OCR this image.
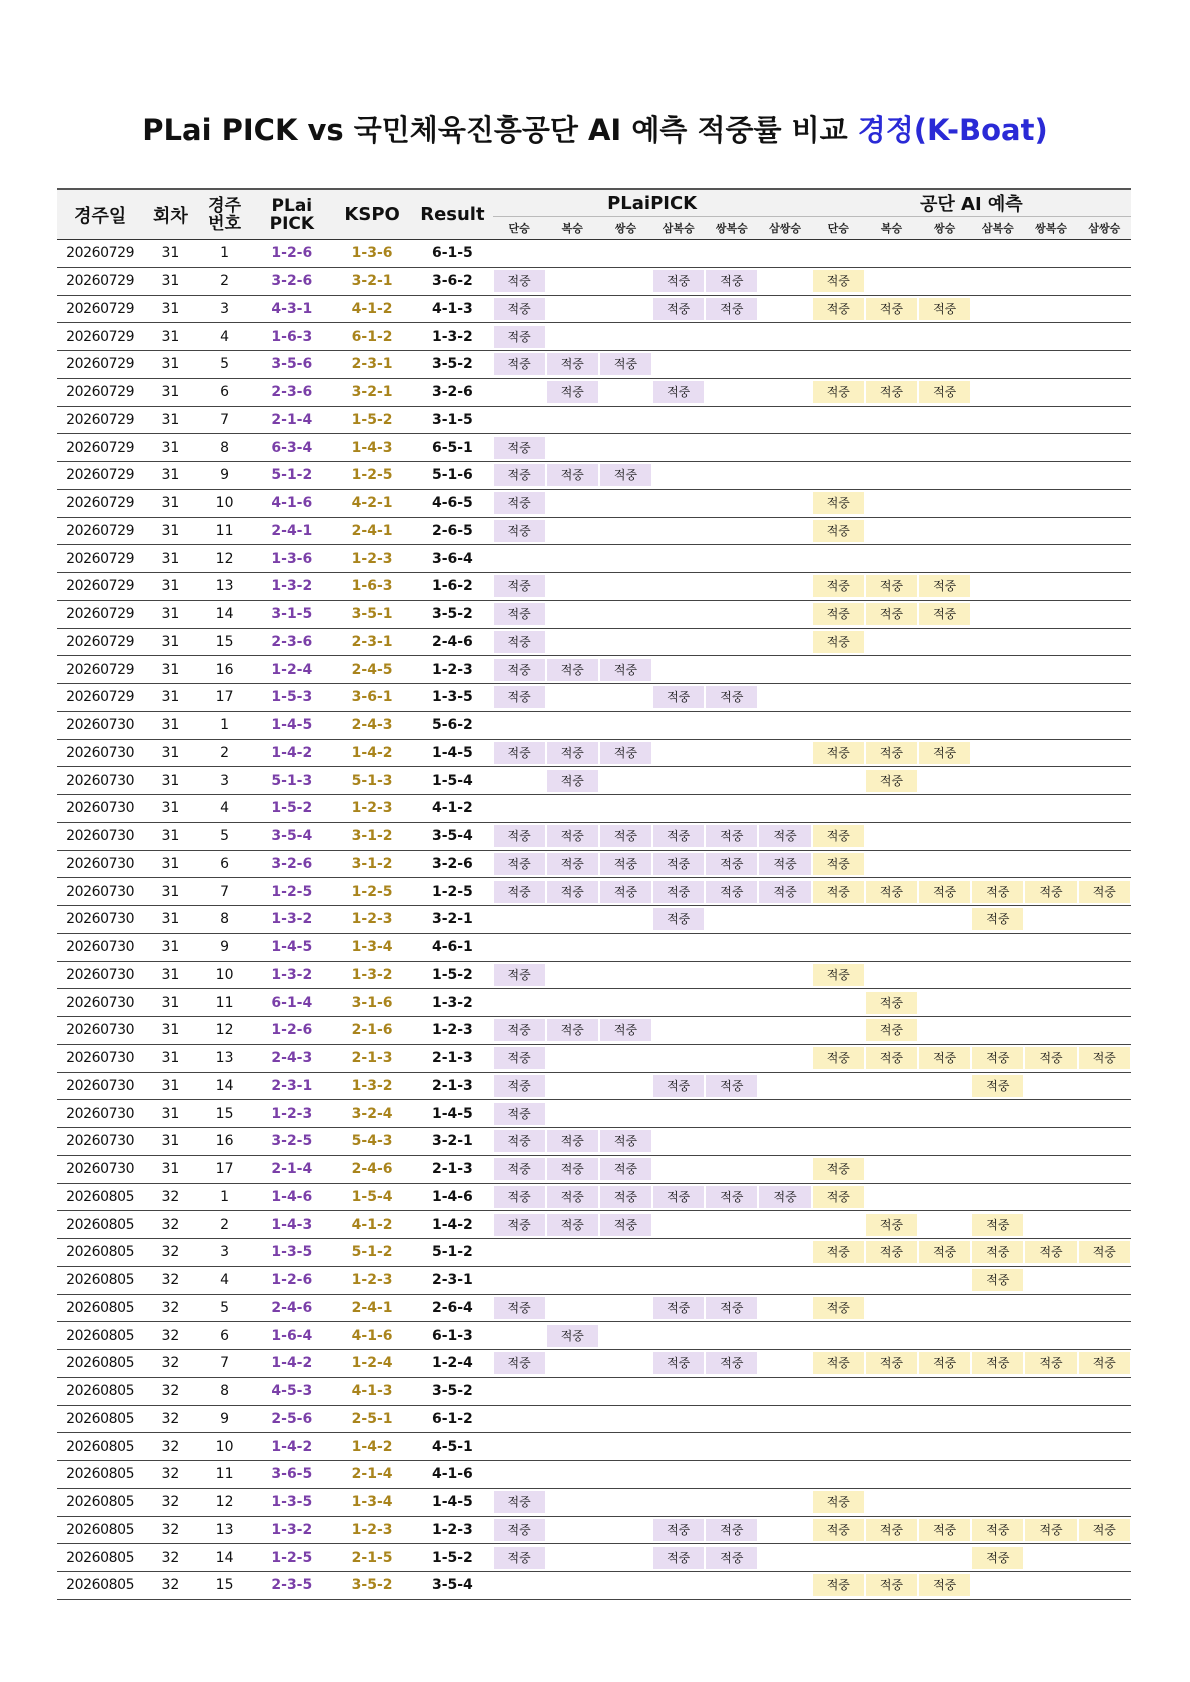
PLai PICK vs 국민체육진흥공단 AI 예측 적중률 비교 경정(K-Boat)
경주일	회차	경주
번호	PLai
PICK	KSPO	Result	PLaiPICK						공단 AI 예측					
						단승	복승	쌍승	삼복승	쌍복승	삼쌍승	단승	복승	쌍승	삼복승	쌍복승	삼쌍승
20260729	31	1	1-2-6	1-3-6	6-1-5	

20260729	31	2	3-2-6	3-2-1	3-6-2	적중			적중	적중		적중					

20260729	31	3	4-3-1	4-1-2	4-1-3	적중			적중	적중		적중	적중	적중			

20260729	31	4	1-6-3	6-1-2	1-3-2	적중											

20260729	31	5	3-5-6	2-3-1	3-5-2	적중	적중	적중									

20260729	31	6	2-3-6	3-2-1	3-2-6		적중		적중			적중	적중	적중			

20260729	31	7	2-1-4	1-5-2	3-1-5	

20260729	31	8	6-3-4	1-4-3	6-5-1	적중											

20260729	31	9	5-1-2	1-2-5	5-1-6	적중	적중	적중									

20260729	31	10	4-1-6	4-2-1	4-6-5	적중						적중					

20260729	31	11	2-4-1	2-4-1	2-6-5	적중						적중					

20260729	31	12	1-3-6	1-2-3	3-6-4	

20260729	31	13	1-3-2	1-6-3	1-6-2	적중						적중	적중	적중			

20260729	31	14	3-1-5	3-5-1	3-5-2	적중						적중	적중	적중			

20260729	31	15	2-3-6	2-3-1	2-4-6	적중						적중					

20260729	31	16	1-2-4	2-4-5	1-2-3	적중	적중	적중									

20260729	31	17	1-5-3	3-6-1	1-3-5	적중			적중	적중							

20260730	31	1	1-4-5	2-4-3	5-6-2	

20260730	31	2	1-4-2	1-4-2	1-4-5	적중	적중	적중				적중	적중	적중			

20260730	31	3	5-1-3	5-1-3	1-5-4		적중						적중				

20260730	31	4	1-5-2	1-2-3	4-1-2	

20260730	31	5	3-5-4	3-1-2	3-5-4	적중	적중	적중	적중	적중	적중	적중					

20260730	31	6	3-2-6	3-1-2	3-2-6	적중	적중	적중	적중	적중	적중	적중					

20260730	31	7	1-2-5	1-2-5	1-2-5	적중	적중	적중	적중	적중	적중	적중	적중	적중	적중	적중	적중

20260730	31	8	1-3-2	1-2-3	3-2-1				적중						적중		

20260730	31	9	1-4-5	1-3-4	4-6-1	

20260730	31	10	1-3-2	1-3-2	1-5-2	적중						적중					

20260730	31	11	6-1-4	3-1-6	1-3-2								적중				

20260730	31	12	1-2-6	2-1-6	1-2-3	적중	적중	적중					적중				

20260730	31	13	2-4-3	2-1-3	2-1-3	적중						적중	적중	적중	적중	적중	적중

20260730	31	14	2-3-1	1-3-2	2-1-3	적중			적중	적중					적중		

20260730	31	15	1-2-3	3-2-4	1-4-5	적중											

20260730	31	16	3-2-5	5-4-3	3-2-1	적중	적중	적중									

20260730	31	17	2-1-4	2-4-6	2-1-3	적중	적중	적중				적중					

20260805	32	1	1-4-6	1-5-4	1-4-6	적중	적중	적중	적중	적중	적중	적중					

20260805	32	2	1-4-3	4-1-2	1-4-2	적중	적중	적중					적중		적중		

20260805	32	3	1-3-5	5-1-2	5-1-2							적중	적중	적중	적중	적중	적중

20260805	32	4	1-2-6	1-2-3	2-3-1										적중		

20260805	32	5	2-4-6	2-4-1	2-6-4	적중			적중	적중		적중					

20260805	32	6	1-6-4	4-1-6	6-1-3		적중										

20260805	32	7	1-4-2	1-2-4	1-2-4	적중			적중	적중		적중	적중	적중	적중	적중	적중

20260805	32	8	4-5-3	4-1-3	3-5-2	

20260805	32	9	2-5-6	2-5-1	6-1-2	

20260805	32	10	1-4-2	1-4-2	4-5-1	

20260805	32	11	3-6-5	2-1-4	4-1-6	

20260805	32	12	1-3-5	1-3-4	1-4-5	적중						적중					

20260805	32	13	1-3-2	1-2-3	1-2-3	적중			적중	적중		적중	적중	적중	적중	적중	적중

20260805	32	14	1-2-5	2-1-5	1-5-2	적중			적중	적중					적중		

20260805	32	15	2-3-5	3-5-2	3-5-4							적중	적중	적중			
